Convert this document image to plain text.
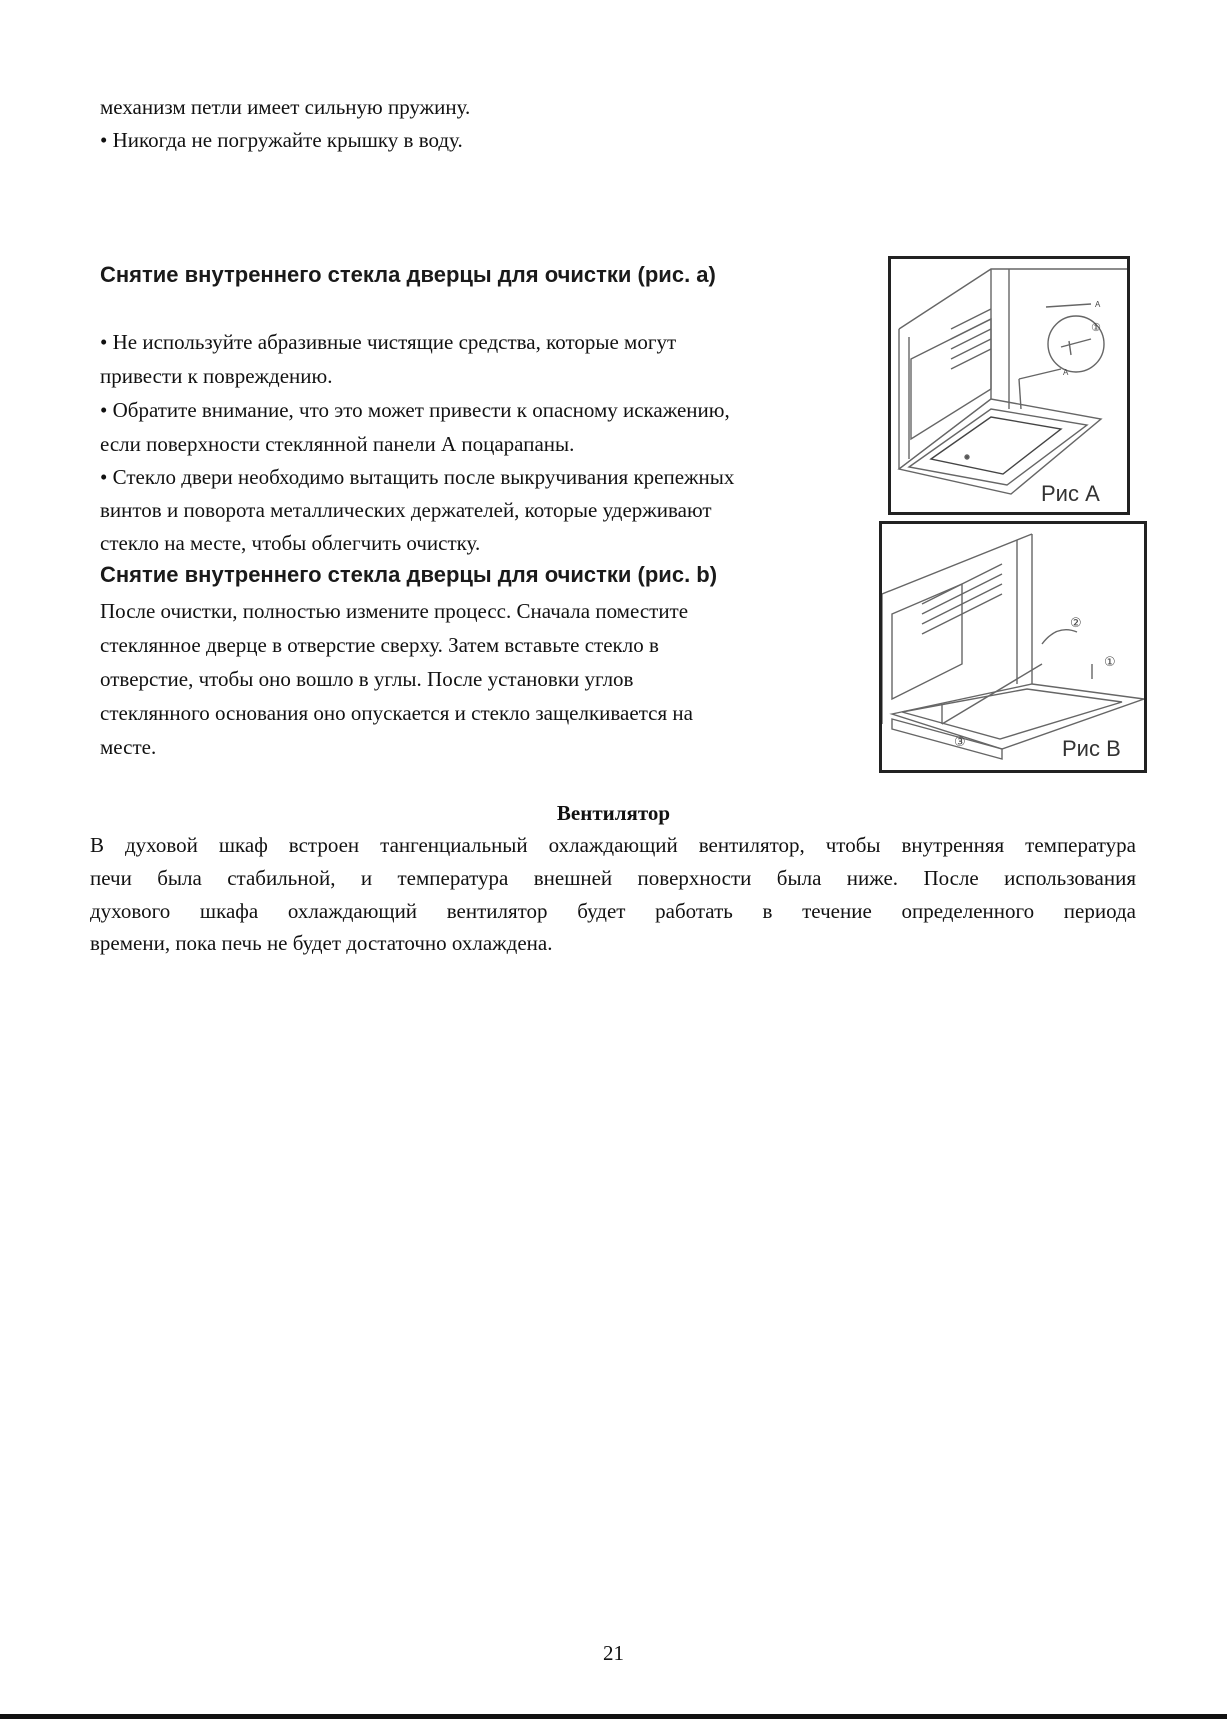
механизм петли имеет сильную пружину.
• Никогда не погружайте крышку в воду.
Снятие внутреннего стекла дверцы для очистки (рис. а)
• Не используйте абразивные чистящие средства, которые могут
привести к повреждению.
• Обратите внимание, что это может привести к опасному искажению,
если поверхности стеклянной панели А поцарапаны.
• Стекло двери необходимо вытащить после выкручивания крепежных
винтов и поворота металлических держателей, которые удерживают
стекло на месте, чтобы облегчить очистку.
Снятие внутреннего стекла дверцы для очистки (рис. b)
После очистки, полностью измените процесс. Сначала поместите
стеклянное дверце в отверстие сверху. Затем вставьте стекло в
отверстие, чтобы оно вошло в углы. После установки углов
стеклянного основания оно опускается и стекло защелкивается на
месте.
A
A
①
Рис А
②
①
③	Рис В
Вентилятор
В духовой шкаф встроен тангенциальный охлаждающий вентилятор, чтобы внутренняя температура
печи была стабильной, и температура внешней поверхности была ниже. После использования
духового шкафа охлаждающий вентилятор будет работать в течение определенного периода
времени, пока печь не будет достаточно охлаждена.
21
